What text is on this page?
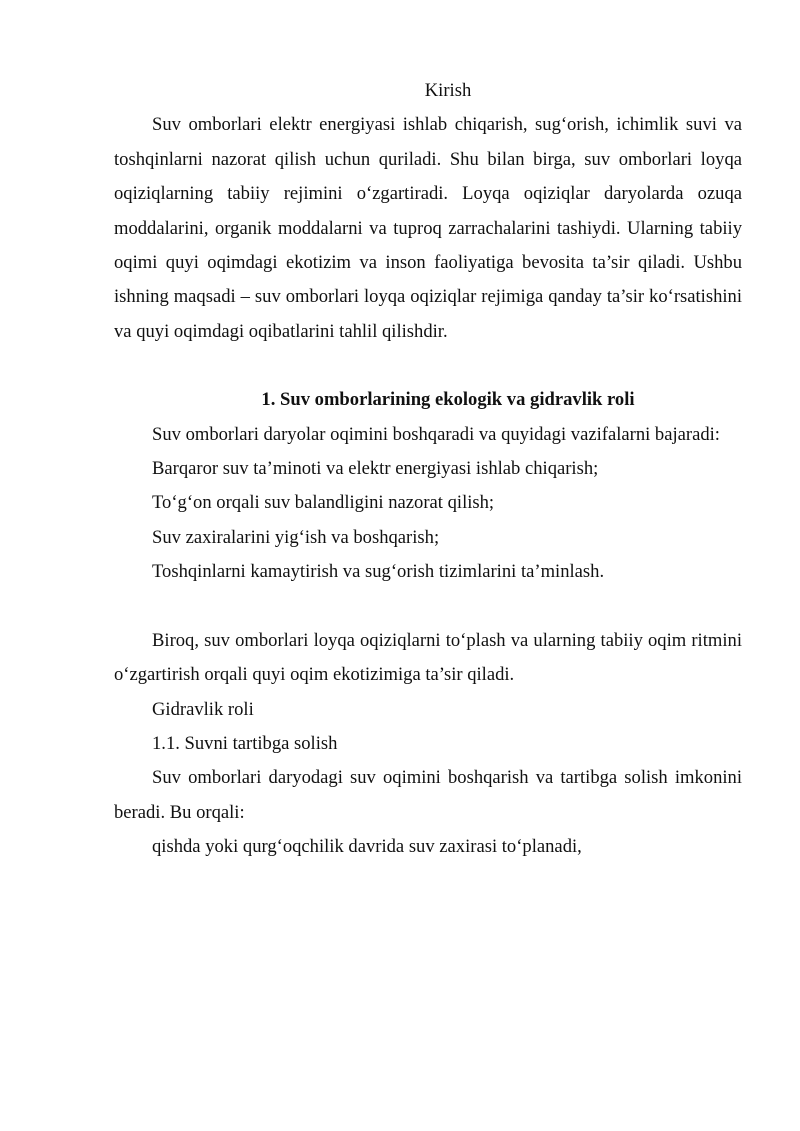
Kirish

Suv omborlari elektr energiyasi ishlab chiqarish, sug‘orish, ichimlik suvi va toshqinlarni nazorat qilish uchun quriladi. Shu bilan birga, suv omborlari loyqa oqiziqlarning tabiiy rejimini o‘zgartiradi. Loyqa oqiziqlar daryolarda ozuqa moddalarini, organik moddalarni va tuproq zarrachalarini tashiydi. Ularning tabiiy oqimi quyi oqimdagi ekotizim va inson faoliyatiga bevosita ta’sir qiladi. Ushbu ishning maqsadi – suv omborlari loyqa oqiziqlar rejimiga qanday ta’sir ko‘rsatishini va quyi oqimdagi oqibatlarini tahlil qilishdir.

1. Suv omborlarining ekologik va gidravlik roli

Suv omborlari daryolar oqimini boshqaradi va quyidagi vazifalarni bajaradi:

Barqaror suv ta’minoti va elektr energiyasi ishlab chiqarish;

To‘g‘on orqali suv balandligini nazorat qilish;

Suv zaxiralarini yig‘ish va boshqarish;

Toshqinlarni kamaytirish va sug‘orish tizimlarini ta’minlash.

Biroq, suv omborlari loyqa oqiziqlarni to‘plash va ularning tabiiy oqim ritmini o‘zgartirish orqali quyi oqim ekotizimiga ta’sir qiladi.

Gidravlik roli

1.1. Suvni tartibga solish

Suv omborlari daryodagi suv oqimini boshqarish va tartibga solish imkonini beradi. Bu orqali:

qishda yoki qurg‘oqchilik davrida suv zaxirasi to‘planadi,
